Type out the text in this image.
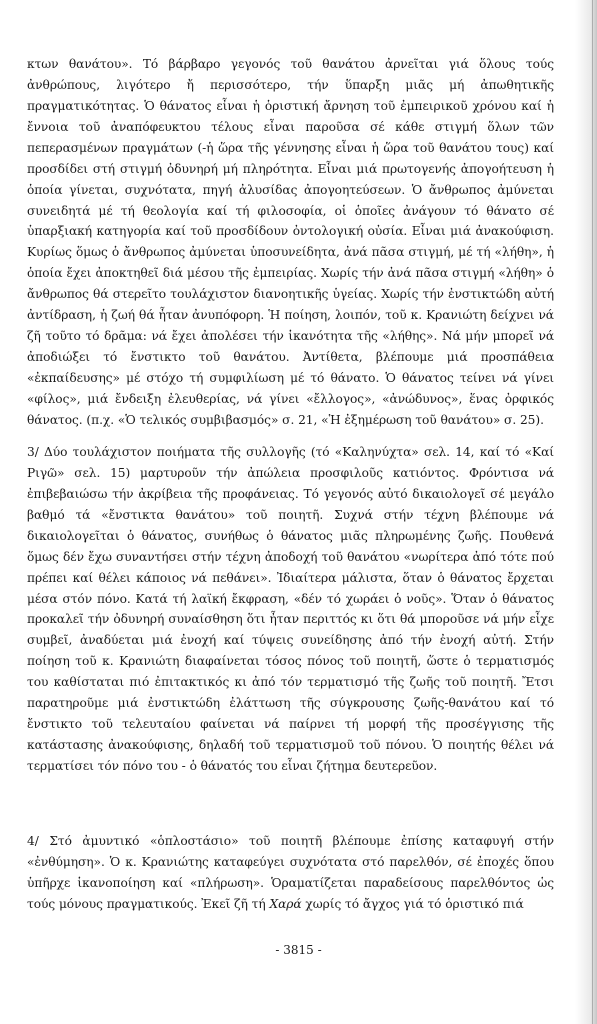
κτων θανάτου». Τό βάρβαρο γεγονός τοῦ θανάτου ἀρνεῖται γιά ὅλους τούς ἀνθρώπους, λιγότερο ἤ περισσότερο, τήν ὕπαρξη μιᾶς μή ἀπωθητικῆς πραγματικότητας. Ὁ θάνατος εἶναι ἡ ὁριστική ἄρνηση τοῦ ἐμπειρικοῦ χρόνου καί ἡ ἔννοια τοῦ ἀναπόφευκτου τέλους εἶναι παροῦσα σέ κάθε στιγμή ὅλων τῶν πεπερασμένων πραγμάτων (-ἡ ὥρα τῆς γέννησης εἶναι ἡ ὥρα τοῦ θανάτου τους) καί προσδίδει στή στιγμή ὀδυνηρή μή πληρότητα. Εἶναι μιά πρωτογενής ἀπογοήτευση ἡ ὁποία γίνεται, συχνότατα, πηγή ἀλυσίδας ἀπογοητεύσεων. Ὁ ἄνθρωπος ἀμύνεται συνειδητά μέ τή θεολογία καί τή φιλοσοφία, οἱ ὁποῖες ἀνάγουν τό θάνατο σέ ὑπαρξιακή κατηγορία καί τοῦ προσδίδουν ὀντολογική οὐσία. Εἶναι μιά ἀνακούφιση. Κυρίως ὅμως ὁ ἄνθρωπος ἀμύνεται ὑποσυνείδητα, ἀνά πᾶσα στιγμή, μέ τή «λήθη», ἡ ὁποία ἔχει ἀποκτηθεῖ διά μέσου τῆς ἐμπειρίας. Χωρίς τήν ἀνά πᾶσα στιγμή «λήθη» ὁ ἄνθρωπος θά στερεῖτο τουλάχιστον διανοητικῆς ὑγείας. Χωρίς τήν ἐνστικτώδη αὐτή ἀντίδραση, ἡ ζωή θά ἦταν ἀνυπόφορη. Ἡ ποίηση, λοιπόν, τοῦ κ. Κρανιώτη δείχνει νά ζῆ τοῦτο τό δρᾶμα: νά ἔχει ἀπολέσει τήν ἱκανότητα τῆς «λήθης». Νά μήν μπορεῖ νά ἀποδιώξει τό ἔνστικτο τοῦ θανάτου. Ἀντίθετα, βλέπουμε μιά προσπάθεια «ἐκπαίδευσης» μέ στόχο τή συμφιλίωση μέ τό θάνατο. Ὁ θάνατος τείνει νά γίνει «φίλος», μιά ἔνδειξη ἐλευθερίας, νά γίνει «ἔλλογος», «ἀνώδυνος», ἕνας ὀρφικός θάνατος. (π.χ. «Ὁ τελικός συμβιβασμός» σ. 21, «Ἡ ἐξημέρωση τοῦ θανάτου» σ. 25).

3/ Δύο τουλάχιστον ποιήματα τῆς συλλογῆς (τό «Καληνύχτα» σελ. 14, καί τό «Καί Ριγῶ» σελ. 15) μαρτυροῦν τήν ἀπώλεια προσφιλοῦς κατιόντος. Φρόντισα νά ἐπιβεβαιώσω τήν ἀκρίβεια τῆς προφάνειας. Τό γεγονός αὐτό δικαιολογεῖ σέ μεγάλο βαθμό τά «ἔνστικτα θανάτου» τοῦ ποιητῆ. Συχνά στήν τέχνη βλέπουμε νά δικαιολογεῖται ὁ θάνατος, συνήθως ὁ θάνατος μιᾶς πληρωμένης ζωῆς. Πουθενά ὅμως δέν ἔχω συναντήσει στήν τέχνη ἀποδοχή τοῦ θανάτου «νωρίτερα ἀπό τότε πού πρέπει καί θέλει κάποιος νά πεθάνει». Ἰδιαίτερα μάλιστα, ὅταν ὁ θάνατος ἔρχεται μέσα στόν πόνο. Κατά τή λαϊκή ἔκφραση, «δέν τό χωράει ὁ νοῦς». Ὅταν ὁ θάνατος προκαλεῖ τήν ὀδυνηρή συναίσθηση ὅτι ἦταν περιττός κι ὅτι θά μποροῦσε νά μήν εἶχε συμβεῖ, ἀναδύεται μιά ἐνοχή καί τύψεις συνείδησης ἀπό τήν ἐνοχή αὐτή. Στήν ποίηση τοῦ κ. Κρανιώτη διαφαίνεται τόσος πόνος τοῦ ποιητῆ, ὥστε ὁ τερματισμός του καθίσταται πιό ἐπιτακτικός κι ἀπό τόν τερματισμό τῆς ζωῆς τοῦ ποιητῆ. Ἔτσι παρατηροῦμε μιά ἐνστικτώδη ἐλάττωση τῆς σύγκρουσης ζωῆς-θανάτου καί τό ἔνστικτο τοῦ τελευταίου φαίνεται νά παίρνει τή μορφή τῆς προσέγγισης τῆς κατάστασης ἀνακούφισης, δηλαδή τοῦ τερματισμοῦ τοῦ πόνου. Ὁ ποιητής θέλει νά τερματίσει τόν πόνο του - ὁ θάνατός του εἶναι ζήτημα δευτερεῦον.

4/ Στό ἀμυντικό «ὁπλοστάσιο» τοῦ ποιητῆ βλέπουμε ἐπίσης καταφυγή στήν «ἐνθύμηση». Ὁ κ. Κρανιώτης καταφεύγει συχνότατα στό παρελθόν, σέ ἐποχές ὅπου ὑπῆρχε ἱκανοποίηση καί «πλήρωση». Ὁραματίζεται παραδείσους παρελθόντος ὡς τούς μόνους πραγματικούς. Ἐκεῖ ζῆ τή Χαρά χωρίς τό ἄγχος γιά τό ὁριστικό πιά

- 3815 -
